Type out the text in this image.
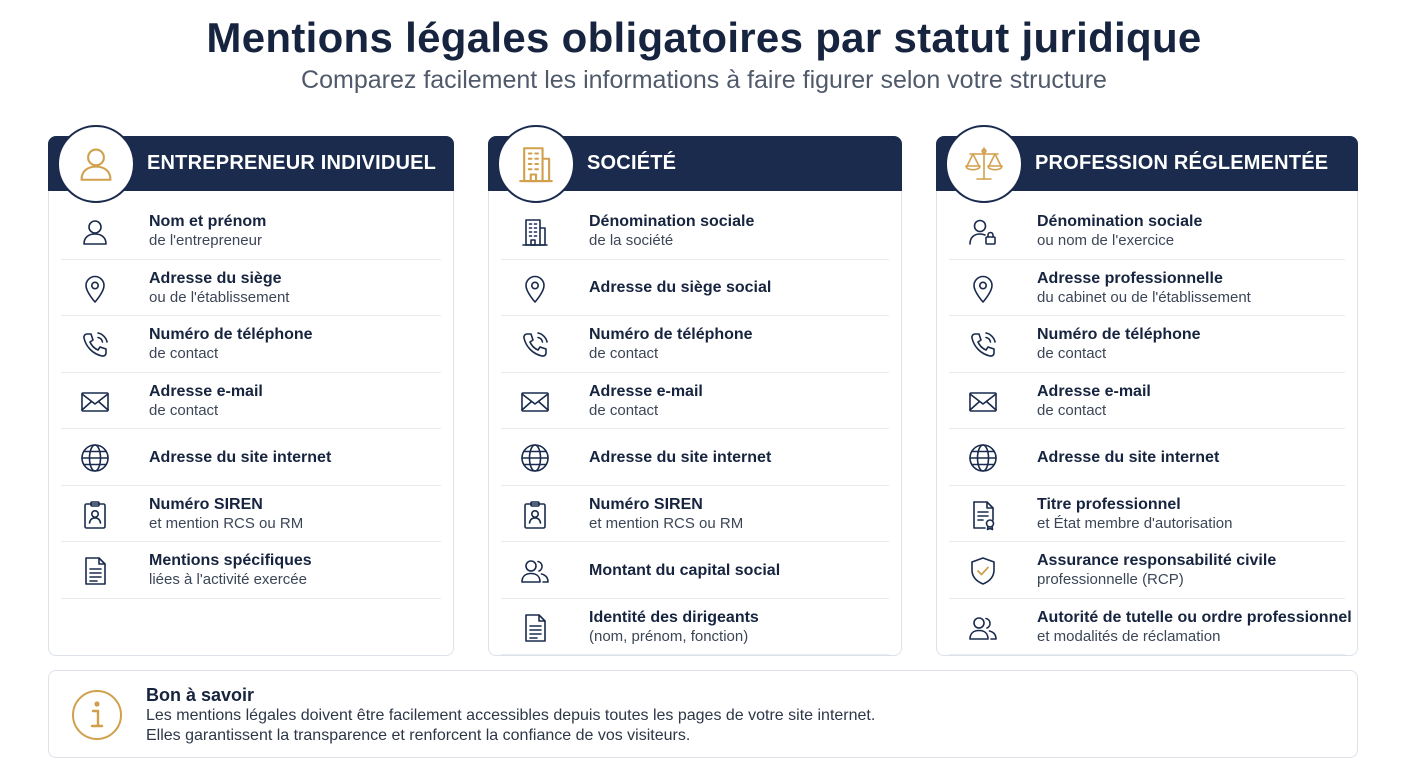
Mentions légales obligatoires par statut juridique
Comparez facilement les informations à faire figurer selon votre structure
ENTREPRENEUR INDIVIDUEL
Nom et prénom
de l'entrepreneur
Adresse du siège
ou de l'établissement
Numéro de téléphone
de contact
Adresse e-mail
de contact
Adresse du site internet
Numéro SIREN
et mention RCS ou RM
Mentions spécifiques
liées à l'activité exercée
SOCIÉTÉ
Dénomination sociale
de la société
Adresse du siège social
Numéro de téléphone
de contact
Adresse e-mail
de contact
Adresse du site internet
Numéro SIREN
et mention RCS ou RM
Montant du capital social
Identité des dirigeants
(nom, prénom, fonction)
PROFESSION RÉGLEMENTÉE
Dénomination sociale
ou nom de l'exercice
Adresse professionnelle
du cabinet ou de l'établissement
Numéro de téléphone
de contact
Adresse e-mail
de contact
Adresse du site internet
Titre professionnel
et État membre d'autorisation
Assurance responsabilité civile
professionnelle (RCP)
Autorité de tutelle ou ordre professionnel
et modalités de réclamation
Bon à savoir
Les mentions légales doivent être facilement accessibles depuis toutes les pages de votre site internet.
Elles garantissent la transparence et renforcent la confiance de vos visiteurs.
